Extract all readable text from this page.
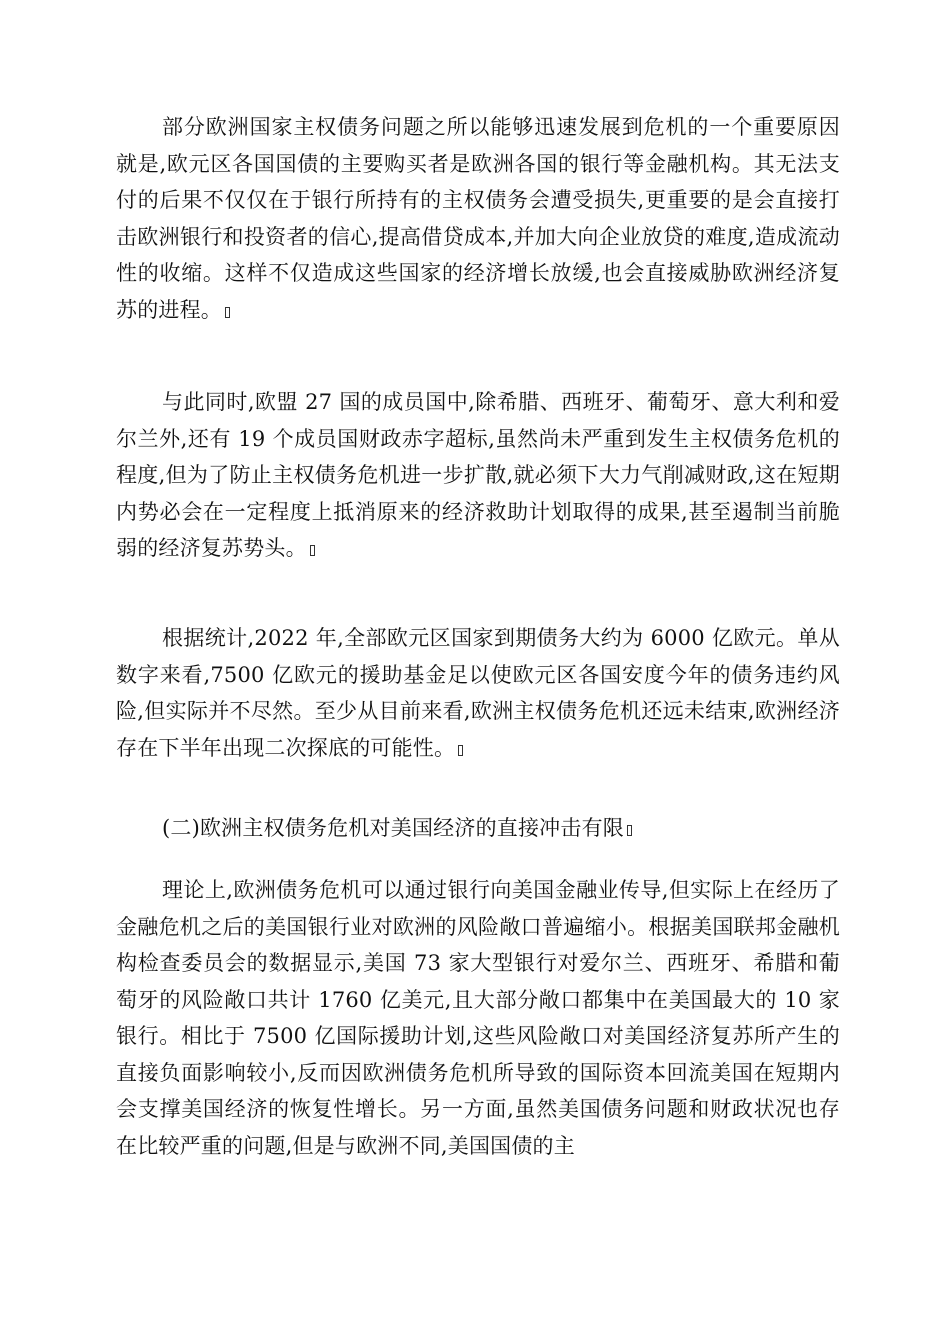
部分欧洲国家主权债务问题之所以能够迅速发展到危机的一个重要原因就是,欧元区各国国债的主要购买者是欧洲各国的银行等金融机构。其无法支付的后果不仅仅在于银行所持有的主权债务会遭受损失,更重要的是会直接打击欧洲银行和投资者的信心,提高借贷成本,并加大向企业放贷的难度,造成流动性的收缩。这样不仅造成这些国家的经济增长放缓,也会直接威胁欧洲经济复苏的进程。

与此同时,欧盟 27 国的成员国中,除希腊、西班牙、葡萄牙、意大利和爱尔兰外,还有 19 个成员国财政赤字超标,虽然尚未严重到发生主权债务危机的程度,但为了防止主权债务危机进一步扩散,就必须下大力气削减财政,这在短期内势必会在一定程度上抵消原来的经济救助计划取得的成果,甚至遏制当前脆弱的经济复苏势头。

根据统计,2022 年,全部欧元区国家到期债务大约为 6000 亿欧元。单从数字来看,7500 亿欧元的援助基金足以使欧元区各国安度今年的债务违约风险,但实际并不尽然。至少从目前来看,欧洲主权债务危机还远未结束,欧洲经济存在下半年出现二次探底的可能性。

(二)欧洲主权债务危机对美国经济的直接冲击有限

理论上,欧洲债务危机可以通过银行向美国金融业传导,但实际上在经历了金融危机之后的美国银行业对欧洲的风险敞口普遍缩小。根据美国联邦金融机构检查委员会的数据显示,美国 73 家大型银行对爱尔兰、西班牙、希腊和葡萄牙的风险敞口共计 1760 亿美元,且大部分敞口都集中在美国最大的 10 家银行。相比于 7500 亿国际援助计划,这些风险敞口对美国经济复苏所产生的直接负面影响较小,反而因欧洲债务危机所导致的国际资本回流美国在短期内会支撑美国经济的恢复性增长。另一方面,虽然美国债务问题和财政状况也存在比较严重的问题,但是与欧洲不同,美国国债的主
